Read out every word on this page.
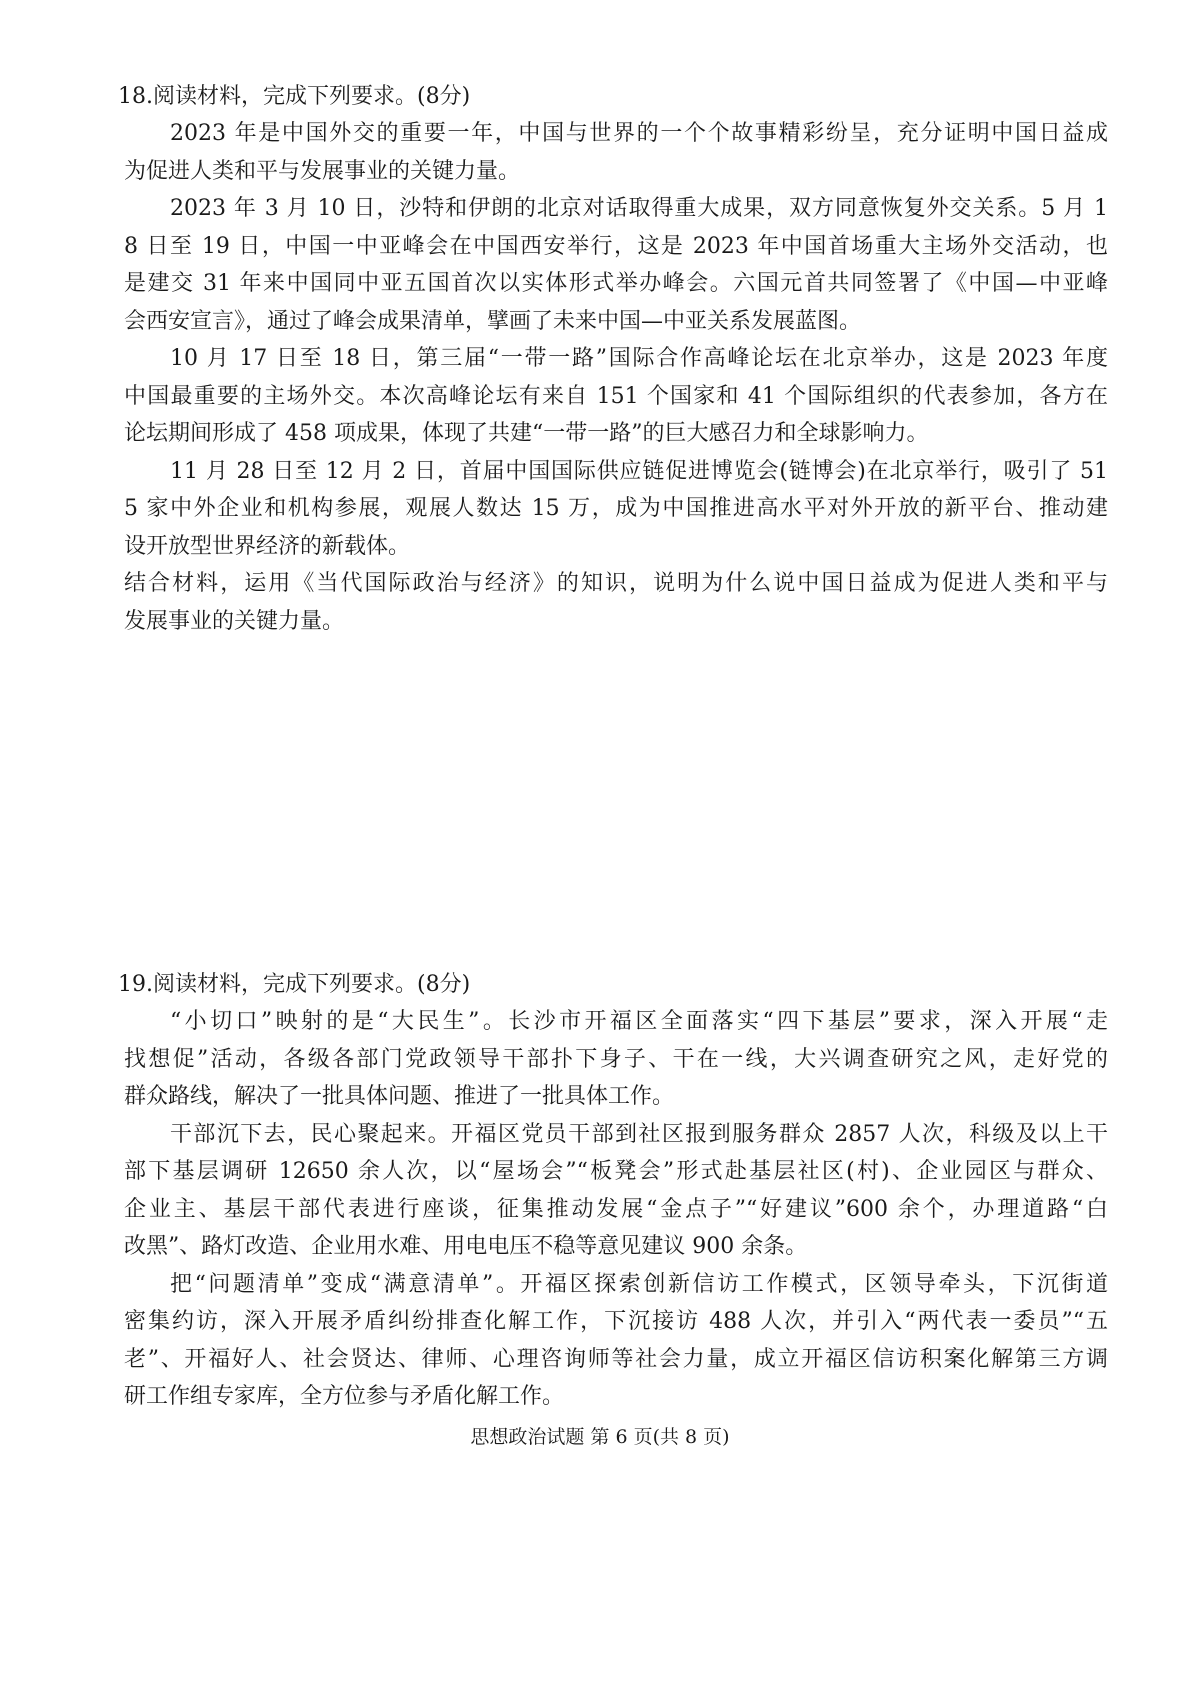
18.阅读材料，完成下列要求。(8分)
2023 年是中国外交的重要一年，中国与世界的一个个故事精彩纷呈，充分证明中国日益成
为促进人类和平与发展事业的关键力量。
2023 年 3 月 10 日，沙特和伊朗的北京对话取得重大成果，双方同意恢复外交关系。5 月 1
8 日至 19 日，中国一中亚峰会在中国西安举行，这是 2023 年中国首场重大主场外交活动，也
是建交 31 年来中国同中亚五国首次以实体形式举办峰会。六国元首共同签署了《中国—中亚峰
会西安宣言》，通过了峰会成果清单，擘画了未来中国—中亚关系发展蓝图。
10 月 17 日至 18 日，第三届“一带一路”国际合作高峰论坛在北京举办，这是 2023 年度
中国最重要的主场外交。本次高峰论坛有来自 151 个国家和 41 个国际组织的代表参加，各方在
论坛期间形成了 458 项成果，体现了共建“一带一路”的巨大感召力和全球影响力。
11 月 28 日至 12 月 2 日，首届中国国际供应链促进博览会(链博会)在北京举行，吸引了 51
5 家中外企业和机构参展，观展人数达 15 万，成为中国推进高水平对外开放的新平台、推动建
设开放型世界经济的新载体。
结合材料，运用《当代国际政治与经济》的知识，说明为什么说中国日益成为促进人类和平与
发展事业的关键力量。
19.阅读材料，完成下列要求。(8分)
“小切口”映射的是“大民生”。长沙市开福区全面落实“四下基层”要求，深入开展“走
找想促”活动，各级各部门党政领导干部扑下身子、干在一线，大兴调查研究之风，走好党的
群众路线，解决了一批具体问题、推进了一批具体工作。
干部沉下去，民心聚起来。开福区党员干部到社区报到服务群众 2857 人次，科级及以上干
部下基层调研 12650 余人次，以“屋场会”“板凳会”形式赴基层社区(村)、企业园区与群众、
企业主、基层干部代表进行座谈，征集推动发展“金点子”“好建议”600 余个，办理道路“白
改黑”、路灯改造、企业用水难、用电电压不稳等意见建议 900 余条。
把“问题清单”变成“满意清单”。开福区探索创新信访工作模式，区领导牵头，下沉街道
密集约访，深入开展矛盾纠纷排查化解工作，下沉接访 488 人次，并引入“两代表一委员”“五
老”、开福好人、社会贤达、律师、心理咨询师等社会力量，成立开福区信访积案化解第三方调
研工作组专家库，全方位参与矛盾化解工作。
思想政治试题 第 6 页(共 8 页)
